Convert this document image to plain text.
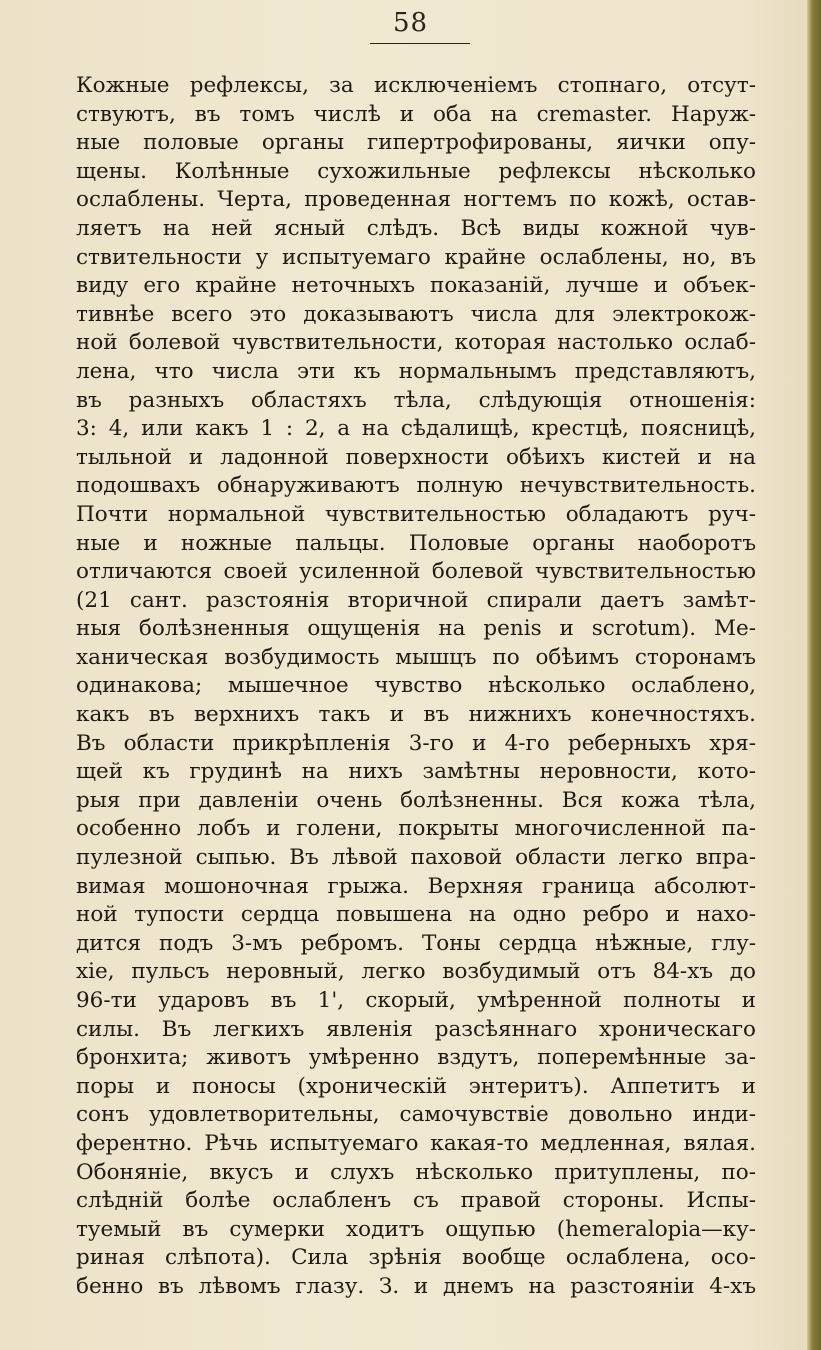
58
Кожные рефлексы, за исключеніемъ стопнаго, отсут-
ствуютъ, въ томъ числѣ и оба на cremaster. Наруж-
ные половые органы гипертрофированы, яички опу-
щены. Колѣнные сухожильные рефлексы нѣсколько
ослаблены. Черта, проведенная ногтемъ по кожѣ, остав-
ляетъ на ней ясный слѣдъ. Всѣ виды кожной чув-
ствительности у испытуемаго крайне ослаблены, но, въ
виду его крайне неточныхъ показаній, лучше и объек-
тивнѣе всего это доказываютъ числа для электрокож-
ной болевой чувствительности, которая настолько ослаб-
лена, что числа эти къ нормальнымъ представляютъ,
въ разныхъ областяхъ тѣла, слѣдующія отношенія:
3: 4, или какъ 1 : 2, а на сѣдалищѣ, крестцѣ, поясницѣ,
тыльной и ладонной поверхности обѣихъ кистей и на
подошвахъ обнаруживаютъ полную нечувствительность.
Почти нормальной чувствительностью обладаютъ руч-
ные и ножные пальцы. Половые органы наоборотъ
отличаются своей усиленной болевой чувствительностью
(21 сант. разстоянія вторичной спирали даетъ замѣт-
ныя болѣзненныя ощущенія на penis и scrotum). Ме-
ханическая возбудимость мышцъ по обѣимъ сторонамъ
одинакова; мышечное чувство нѣсколько ослаблено,
какъ въ верхнихъ такъ и въ нижнихъ конечностяхъ.
Въ области прикрѣпленія 3-го и 4-го реберныхъ хря-
щей къ грудинѣ на нихъ замѣтны неровности, кото-
рыя при давленіи очень болѣзненны. Вся кожа тѣла,
особенно лобъ и голени, покрыты многочисленной па-
пулезной сыпью. Въ лѣвой паховой области легко впра-
вимая мошоночная грыжа. Верхняя граница абсолют-
ной тупости сердца повышена на одно ребро и нахо-
дится подъ 3-мъ ребромъ. Тоны сердца нѣжные, глу-
хіе, пульсъ неровный, легко возбудимый отъ 84-хъ до
96-ти ударовъ въ 1', скорый, умѣренной полноты и
силы. Въ легкихъ явленія разсѣяннаго хроническаго
бронхита; животъ умѣренно вздутъ, поперемѣнные за-
поры и поносы (хроническій энтеритъ). Аппетитъ и
сонъ удовлетворительны, самочувствіе довольно инди-
ферентно. Рѣчь испытуемаго какая-то медленная, вялая.
Обоняніе, вкусъ и слухъ нѣсколько притуплены, по-
слѣдній болѣе ослабленъ съ правой стороны. Испы-
туемый въ сумерки ходитъ ощупью (hemeralopia—ку-
риная слѣпота). Сила зрѣнія вообще ослаблена, осо-
бенно въ лѣвомъ глазу. З. и днемъ на разстояніи 4-хъ
